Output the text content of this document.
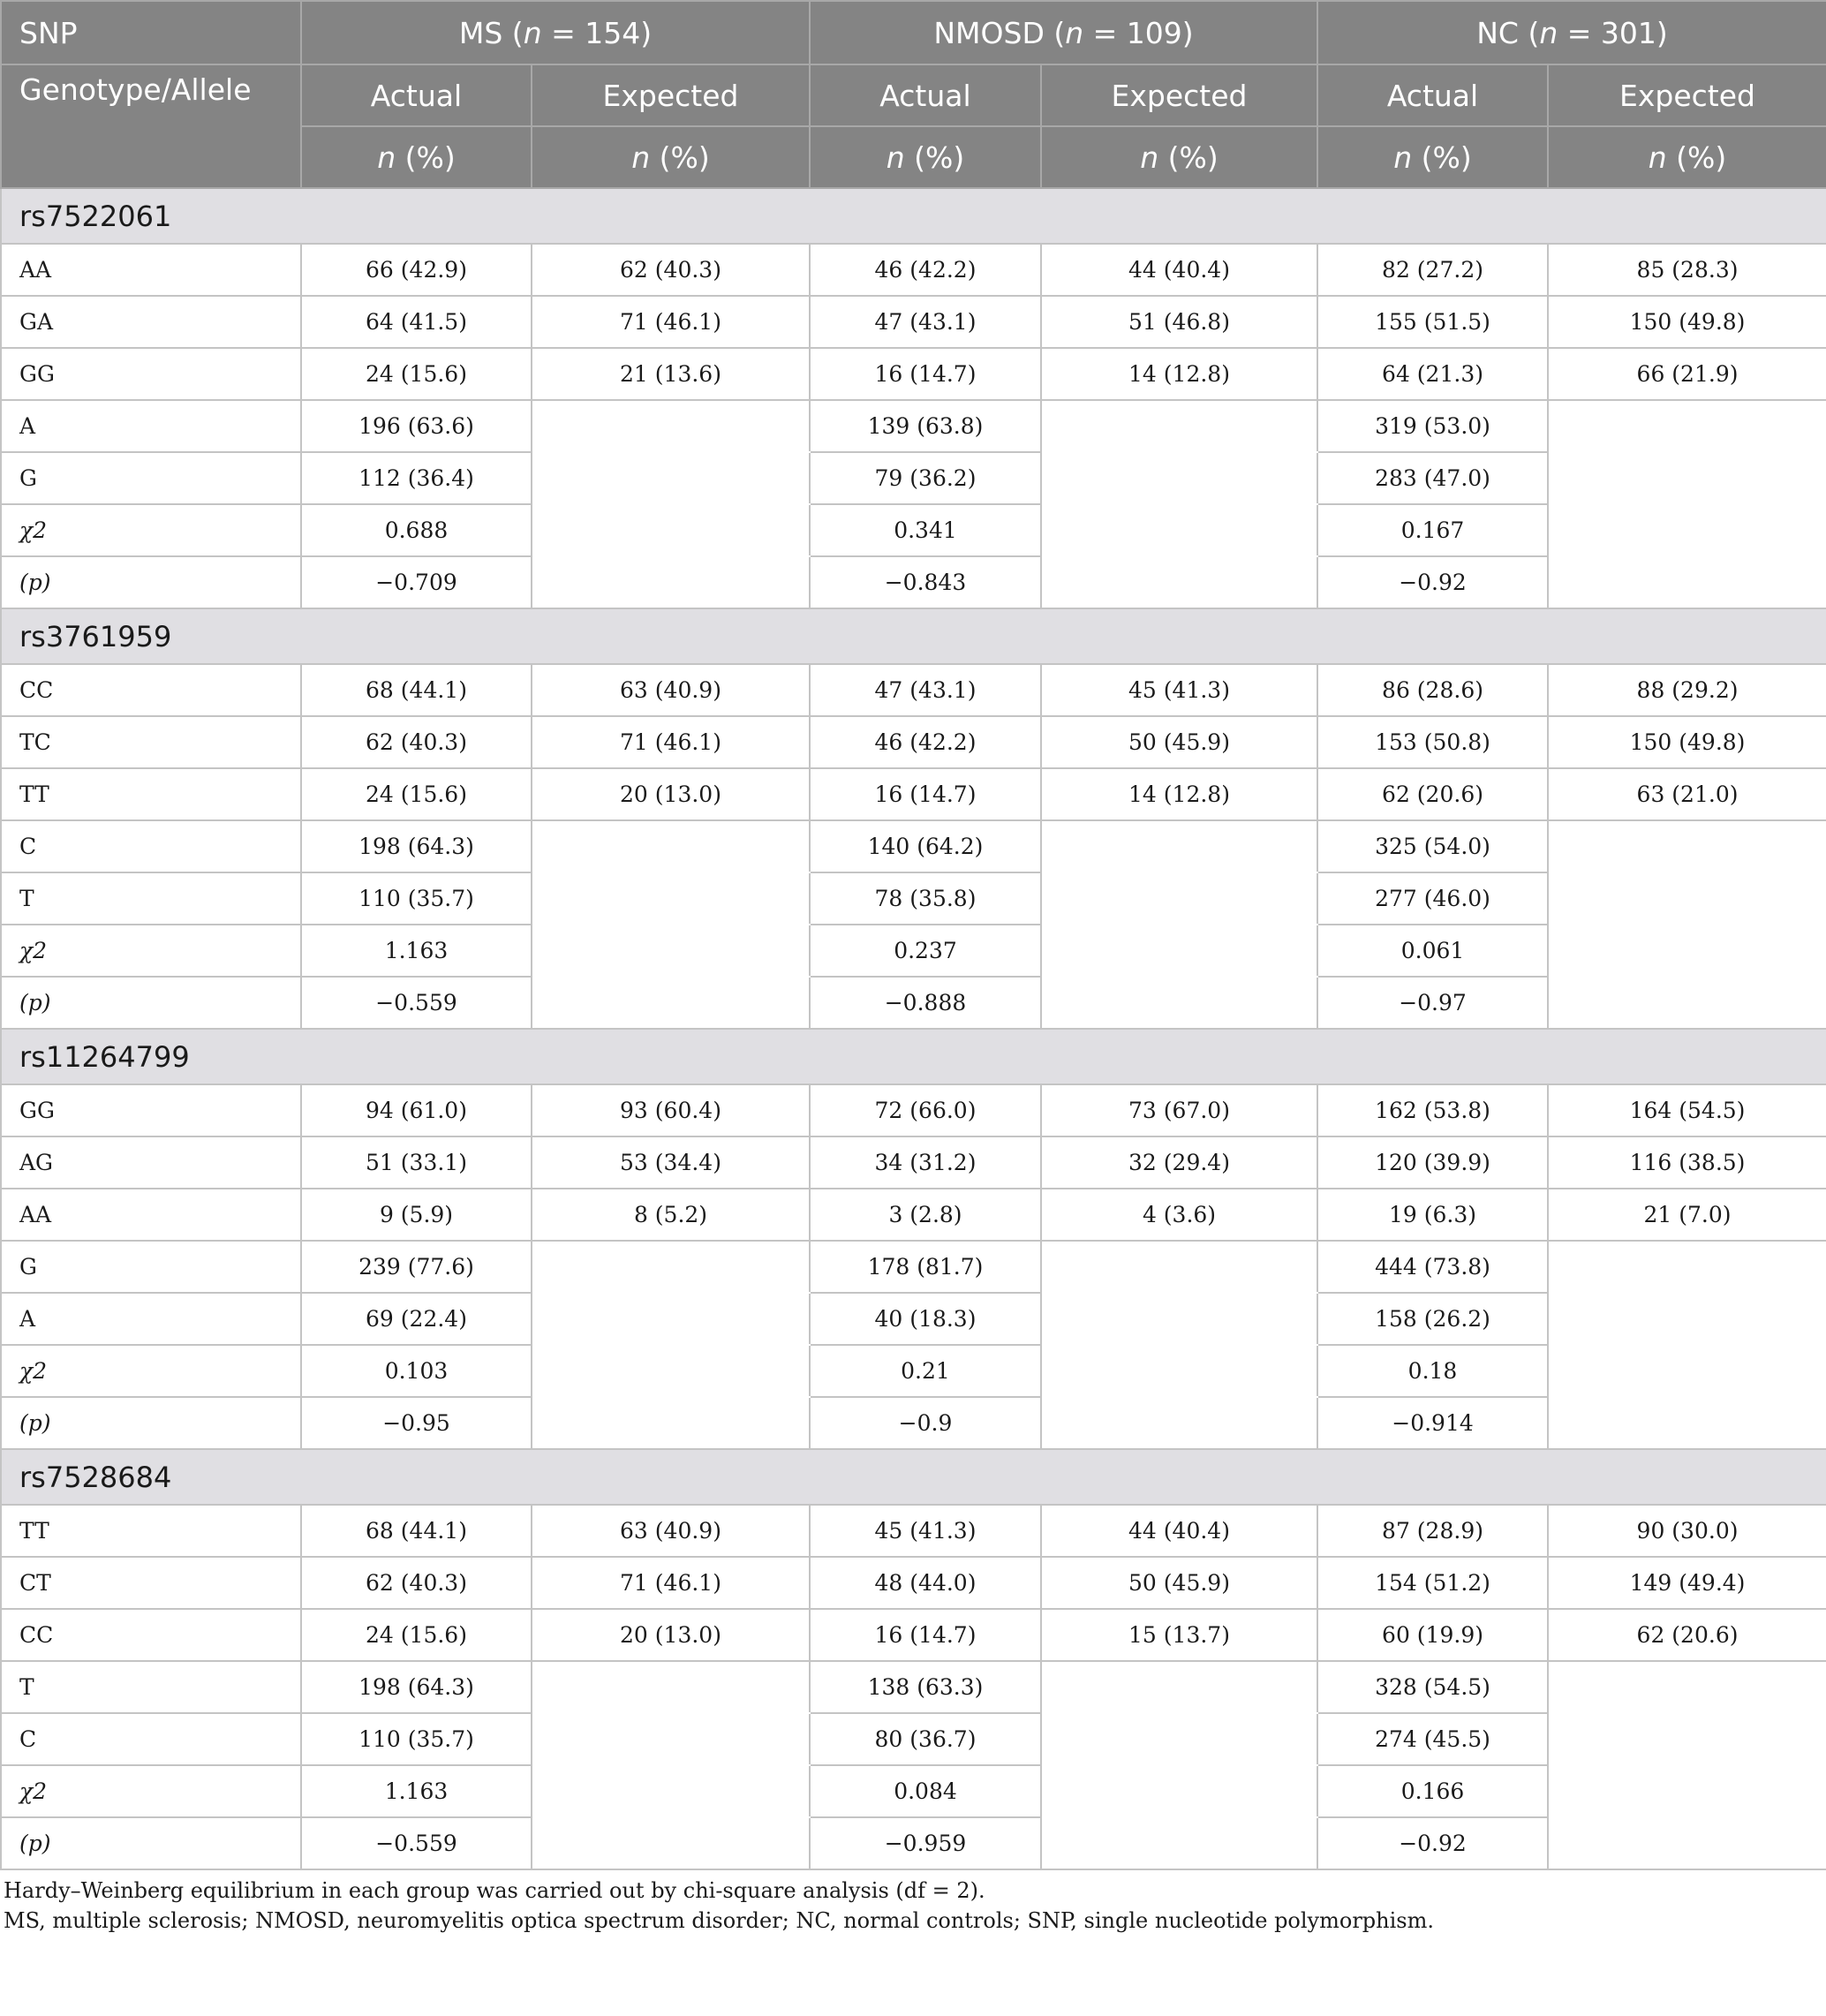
SNP	MS (n = 154)		NMOSD (n = 109)		NC (n = 301)	
Genotype/Allele	Actual	Expected	Actual	Expected	Actual	Expected
	n (%)	n (%)	n (%)	n (%)	n (%)	n (%)
rs7522061						
AA	66 (42.9)	62 (40.3)	46 (42.2)	44 (40.4)	82 (27.2)	85 (28.3)
GA	64 (41.5)	71 (46.1)	47 (43.1)	51 (46.8)	155 (51.5)	150 (49.8)
GG	24 (15.6)	21 (13.6)	16 (14.7)	14 (12.8)	64 (21.3)	66 (21.9)
A	196 (63.6)		139 (63.8)		319 (53.0)	
G	112 (36.4)		79 (36.2)		283 (47.0)	
χ2	0.688		0.341		0.167	
(p)	−0.709		−0.843		−0.92	
rs3761959						
CC	68 (44.1)	63 (40.9)	47 (43.1)	45 (41.3)	86 (28.6)	88 (29.2)
TC	62 (40.3)	71 (46.1)	46 (42.2)	50 (45.9)	153 (50.8)	150 (49.8)
TT	24 (15.6)	20 (13.0)	16 (14.7)	14 (12.8)	62 (20.6)	63 (21.0)
C	198 (64.3)		140 (64.2)		325 (54.0)	
T	110 (35.7)		78 (35.8)		277 (46.0)	
χ2	1.163		0.237		0.061	
(p)	−0.559		−0.888		−0.97	
rs11264799						
GG	94 (61.0)	93 (60.4)	72 (66.0)	73 (67.0)	162 (53.8)	164 (54.5)
AG	51 (33.1)	53 (34.4)	34 (31.2)	32 (29.4)	120 (39.9)	116 (38.5)
AA	9 (5.9)	8 (5.2)	3 (2.8)	4 (3.6)	19 (6.3)	21 (7.0)
G	239 (77.6)		178 (81.7)		444 (73.8)	
A	69 (22.4)		40 (18.3)		158 (26.2)	
χ2	0.103		0.21		0.18	
(p)	−0.95		−0.9		−0.914	
rs7528684						
TT	68 (44.1)	63 (40.9)	45 (41.3)	44 (40.4)	87 (28.9)	90 (30.0)
CT	62 (40.3)	71 (46.1)	48 (44.0)	50 (45.9)	154 (51.2)	149 (49.4)
CC	24 (15.6)	20 (13.0)	16 (14.7)	15 (13.7)	60 (19.9)	62 (20.6)
T	198 (64.3)		138 (63.3)		328 (54.5)	
C	110 (35.7)		80 (36.7)		274 (45.5)	
χ2	1.163		0.084		0.166	
(p)	−0.559		−0.959		−0.92	
Hardy–Weinberg equilibrium in each group was carried out by chi-square analysis (df = 2).
MS, multiple sclerosis; NMOSD, neuromyelitis optica spectrum disorder; NC, normal controls; SNP, single nucleotide polymorphism.
